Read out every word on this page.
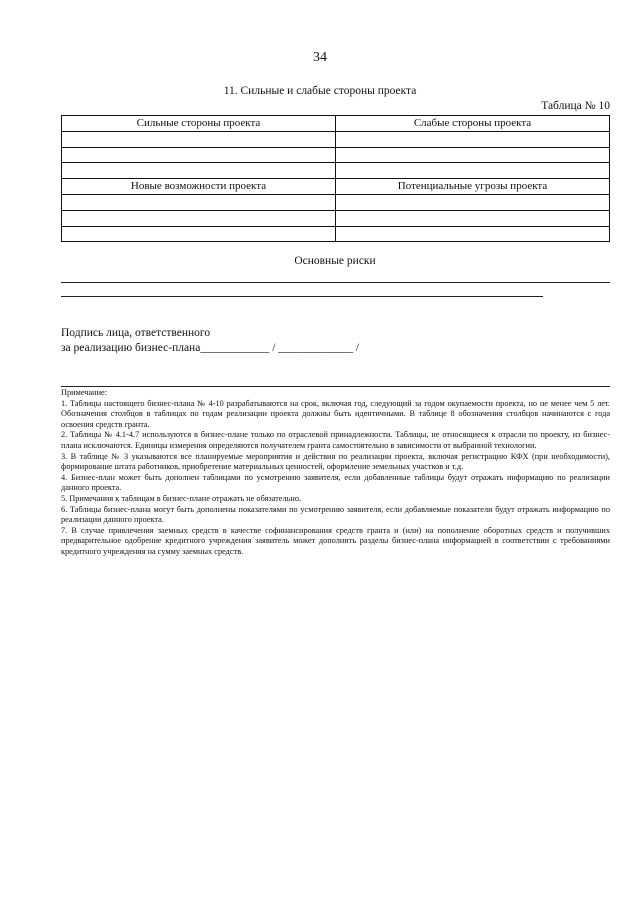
34
11. Сильные и слабые стороны проекта
Таблица № 10
Сильные стороны проекта	Слабые стороны проекта

Новые возможности проекта	Потенциальные угрозы проекта

Основные риски
Подпись лица, ответственного
за реализацию бизнес-плана____________ / _____________ /

Примечание:

1. Таблицы настоящего бизнес-плана № 4-10 разрабатываются на срок, включая год, следующий за годом окупаемости проекта, но не менее чем 5 лет. Обозначения столбцов в таблицах по годам реализации проекта должны быть идентичными. В таблице 8 обозначения столбцов начинаются с года освоения средств гранта.

2. Таблицы № 4.1-4.7 используются в бизнес-плане только по отраслевой принадлежности. Таблицы, не относящиеся к отрасли по проекту, из бизнес-плана исключаются. Единицы измерения определяются получателем гранта самостоятельно в зависимости от выбранной технологии.

3. В таблице № 3 указываются все планируемые мероприятия и действия по реализации проекта, включая регистрацию КФХ (при необходимости), формирование штата работников, приобретение материальных ценностей, оформление земельных участков и т.д.

4. Бизнес-план может быть дополнен таблицами по усмотрению заявителя, если добавленные таблицы будут отражать информацию по реализации данного проекта.

5. Примечания к таблицам в бизнес-плане отражать не обязательно.

6. Таблицы бизнес-плана могут быть дополнены показателями по усмотрению заявителя, если добавляемые показатели будут отражать информацию по реализации данного проекта.

7. В случае привлечения заемных средств в качестве софинансирования средств гранта и (или) на пополнение оборотных средств и получивших предварительное одобрение кредитного учреждения заявитель может дополнить разделы бизнес-плана информацией в соответствии с требованиями кредитного учреждения на сумму заемных средств.
